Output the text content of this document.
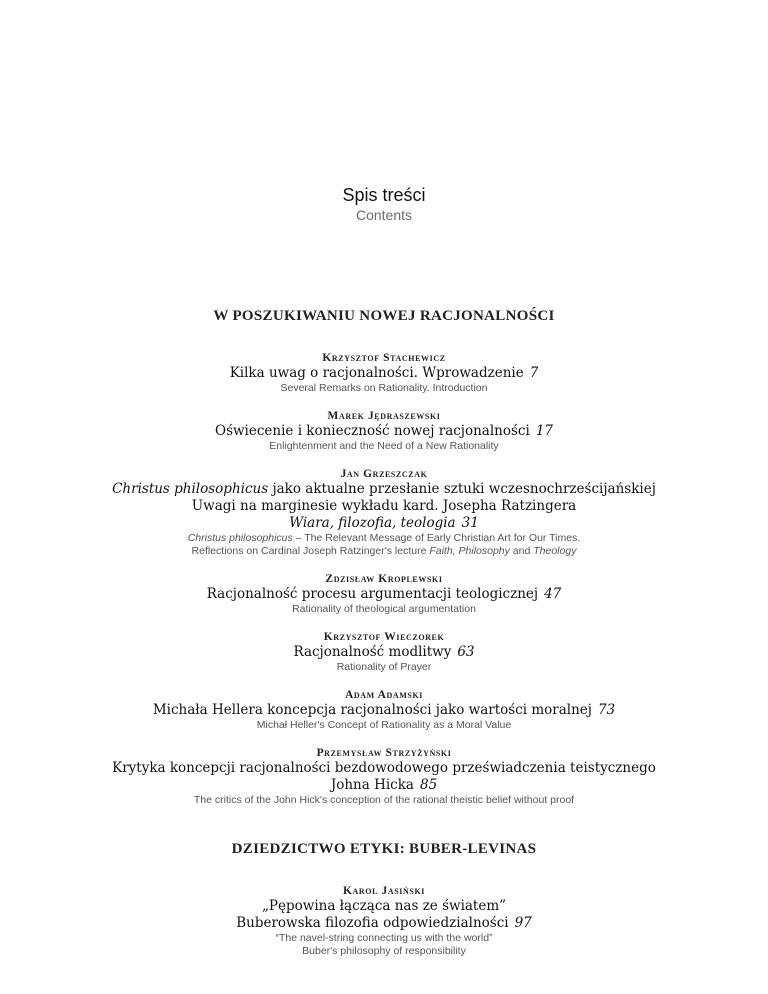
Spis treści
Contents
W POSZUKIWANIU NOWEJ RACJONALNOŚCI
Krzysztof Stachewicz
Kilka uwag o racjonalności. Wprowadzenie 7
Several Remarks on Rationality. Introduction
Marek Jędraszewski
Oświecenie i konieczność nowej racjonalności 17
Enlightenment and the Need of a New Rationality
Jan Grzeszczak
Christus philosophicus jako aktualne przesłanie sztuki wczesnochrześcijańskiej
Uwagi na marginesie wykładu kard. Josepha Ratzingera
Wiara, filozofia, teologia 31
Christus philosophicus – The Relevant Message of Early Christian Art for Our Times.
Reflections on Cardinal Joseph Ratzinger's lecture Faith, Philosophy and Theology
Zdzisław Kroplewski
Racjonalność procesu argumentacji teologicznej 47
Rationality of theological argumentation
Krzysztof Wieczorek
Racjonalność modlitwy 63
Rationality of Prayer
Adam Adamski
Michała Hellera koncepcja racjonalności jako wartości moralnej 73
Michał Heller's Concept of Rationality as a Moral Value
Przemysław Strzyżyński
Krytyka koncepcji racjonalności bezdowodowego przeświadczenia teistycznego
Johna Hicka 85
The critics of the John Hick's conception of the rational theistic belief without proof
DZIEDZICTWO ETYKI: BUBER-LEVINAS
Karol Jasiński
„Pępowina łącząca nas ze światem”
Buberowska filozofia odpowiedzialności 97
“The navel-string connecting us with the world”
Buber's philosophy of responsibility
